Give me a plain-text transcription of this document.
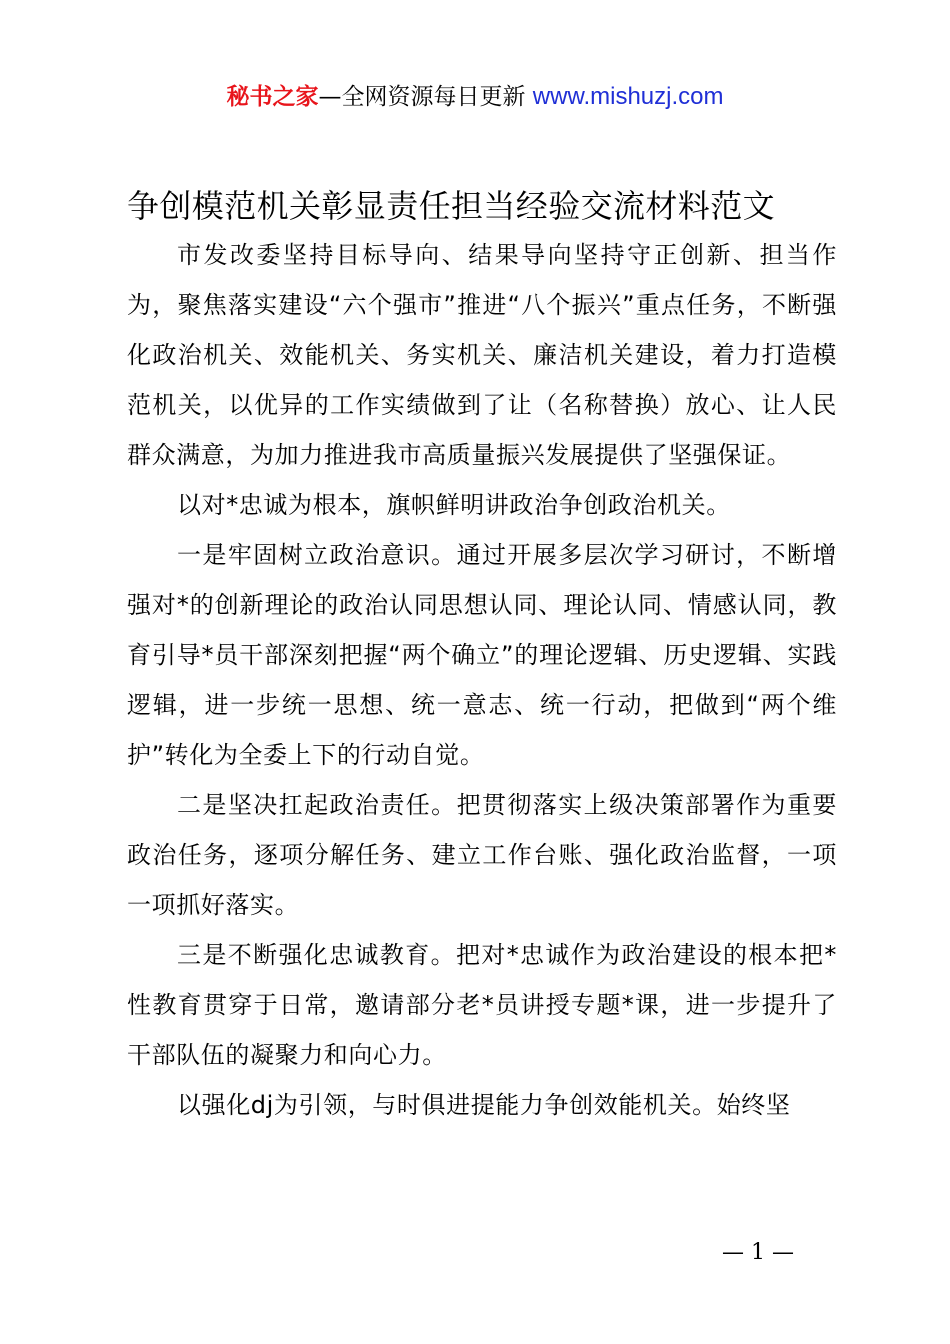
秘书之家—全网资源每日更新 www.mishuzj.com
争创模范机关彰显责任担当经验交流材料范文

市发改委坚持目标导向、结果导向坚持守正创新、担当作为，聚焦落实建设“六个强市”推进“八个振兴”重点任务，不断强化政治机关、效能机关、务实机关、廉洁机关建设，着力打造模范机关，以优异的工作实绩做到了让（名称替换）放心、让人民群众满意，为加力推进我市高质量振兴发展提供了坚强保证。

以对*忠诚为根本，旗帜鲜明讲政治争创政治机关。

一是牢固树立政治意识。通过开展多层次学习研讨，不断增强对*的创新理论的政治认同思想认同、理论认同、情感认同，教育引导*员干部深刻把握“两个确立”的理论逻辑、历史逻辑、实践逻辑，进一步统一思想、统一意志、统一行动，把做到“两个维护”转化为全委上下的行动自觉。

二是坚决扛起政治责任。把贯彻落实上级决策部署作为重要政治任务，逐项分解任务、建立工作台账、强化政治监督，一项一项抓好落实。

三是不断强化忠诚教育。把对*忠诚作为政治建设的根本把*性教育贯穿于日常，邀请部分老*员讲授专题*课，进一步提升了干部队伍的凝聚力和向心力。

以强化dj为引领，与时俱进提能力争创效能机关。始终坚

— 1 —
